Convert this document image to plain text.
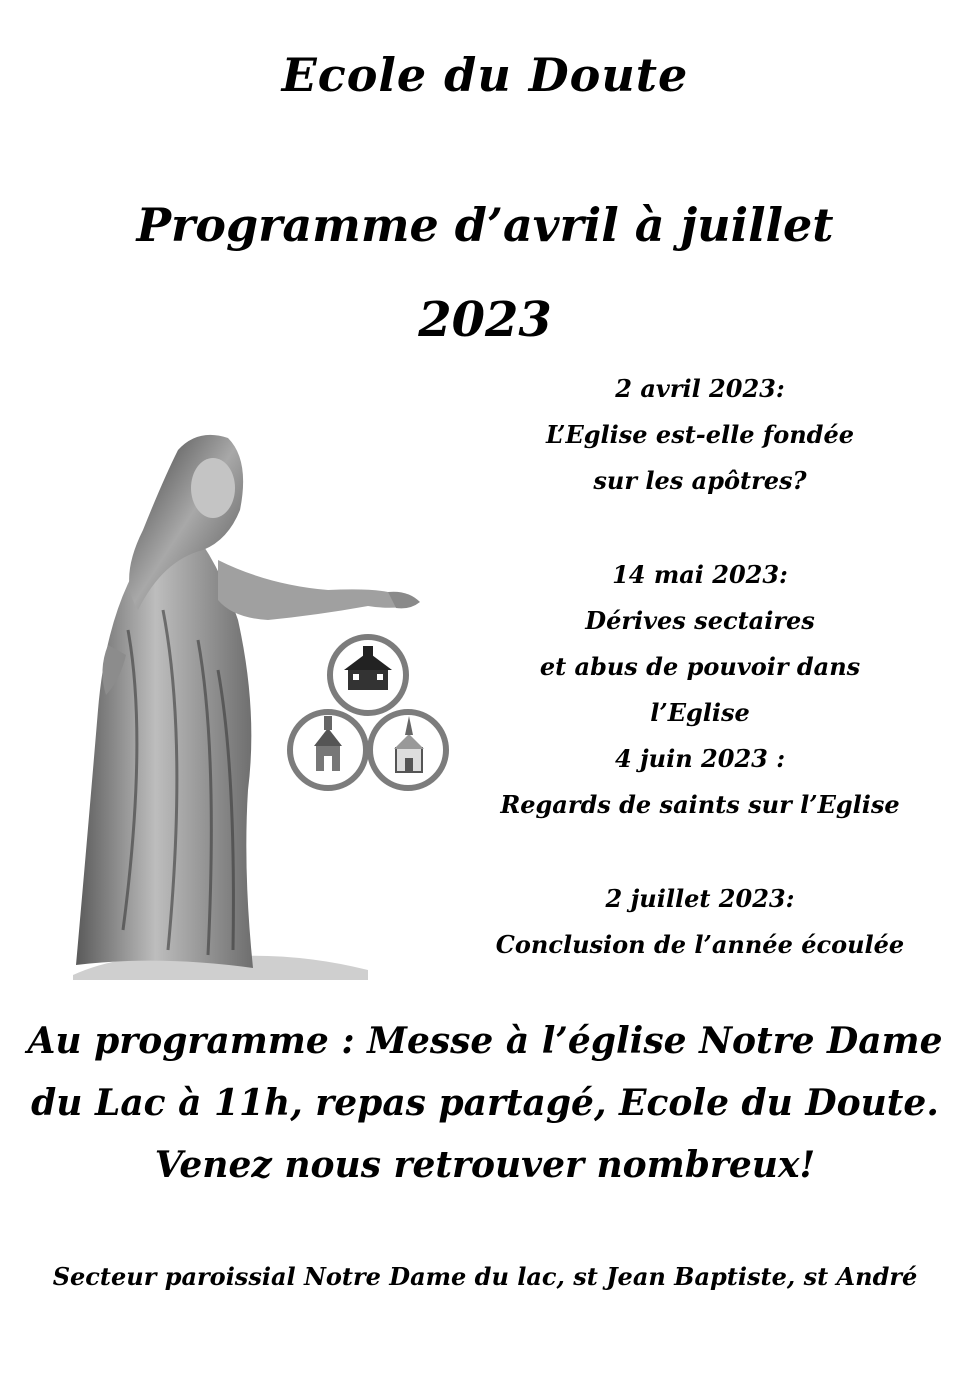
Ecole du Doute
Programme d’avril à juillet
2023
2 avril 2023:
L’Eglise est-elle fondée
sur les apôtres?
14 mai 2023:
Dérives sectaires
et abus de pouvoir dans l’Eglise
4 juin 2023 :
Regards de saints sur l’Eglise
2 juillet 2023:
Conclusion de l’année écoulée
Au programme : Messe à l’église Notre Dame
du Lac à 11h, repas partagé, Ecole du Doute.
Venez nous retrouver nombreux!
Secteur paroissial Notre Dame du lac, st Jean Baptiste, st André
